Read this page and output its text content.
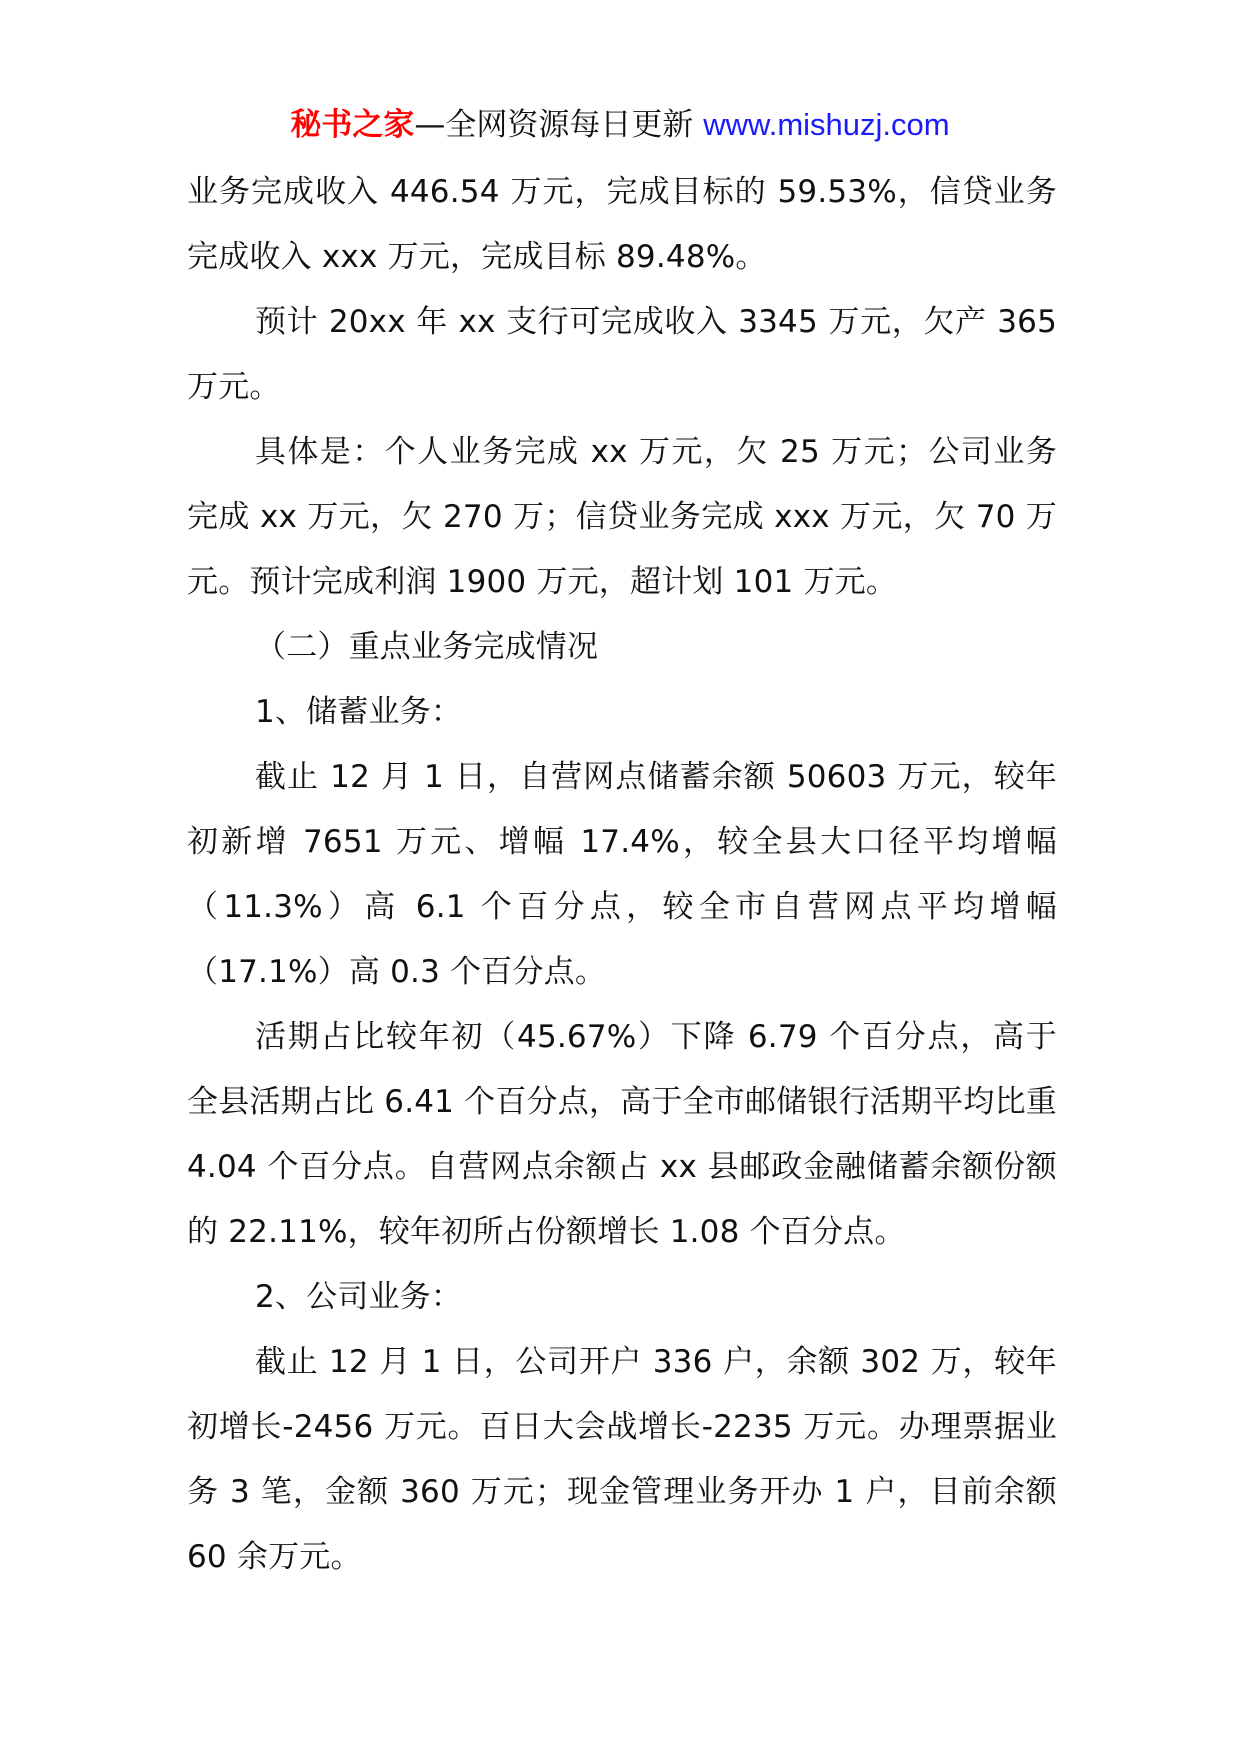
秘书之家—全网资源每日更新 www.mishuzj.com

业务完成收入 446.54 万元，完成目标的 59.53%，信贷业务完成收入 xxx 万元，完成目标 89.48%。

预计 20xx 年 xx 支行可完成收入 3345 万元，欠产 365 万元。

具体是：个人业务完成 xx 万元，欠 25 万元；公司业务完成 xx 万元，欠 270 万；信贷业务完成 xxx 万元，欠 70 万元。预计完成利润 1900 万元，超计划 101 万元。

（二）重点业务完成情况

1、储蓄业务：

截止 12 月 1 日，自营网点储蓄余额 50603 万元，较年初新增 7651 万元、增幅 17.4%，较全县大口径平均增幅（11.3%）高 6.1 个百分点，较全市自营网点平均增幅（17.1%）高 0.3 个百分点。

活期占比较年初（45.67%）下降 6.79 个百分点，高于全县活期占比 6.41 个百分点，高于全市邮储银行活期平均比重 4.04 个百分点。自营网点余额占 xx 县邮政金融储蓄余额份额的 22.11%，较年初所占份额增长 1.08 个百分点。

2、公司业务：

截止 12 月 1 日，公司开户 336 户，余额 302 万，较年初增长-2456 万元。百日大会战增长-2235 万元。办理票据业务 3 笔，金额 360 万元；现金管理业务开办 1 户，目前余额 60 余万元。
